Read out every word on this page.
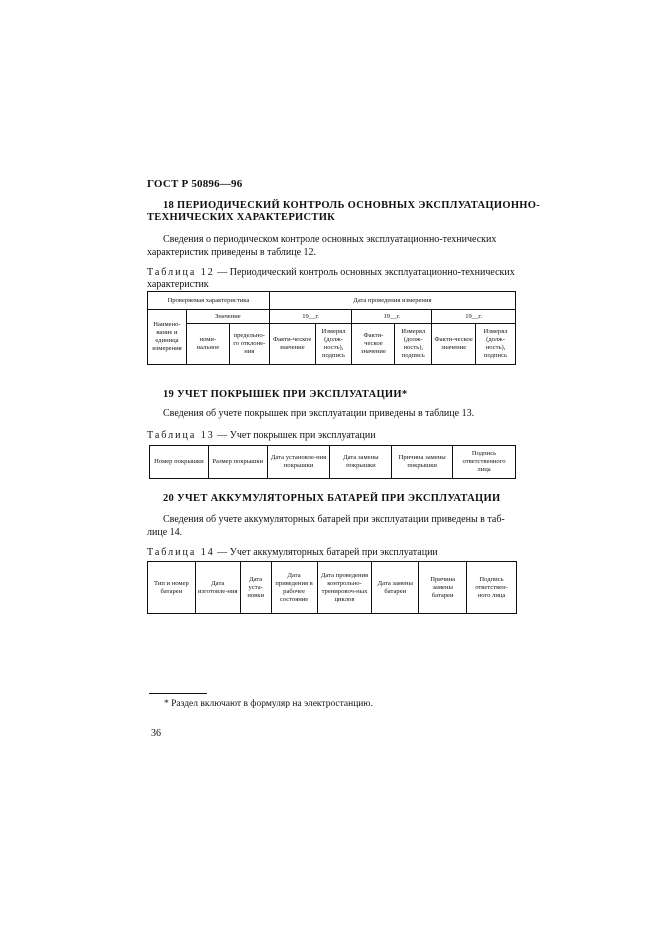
ГОСТ Р 50896—96
18 ПЕРИОДИЧЕСКИЙ КОНТРОЛЬ ОСНОВНЫХ ЭКСПЛУАТАЦИОННО-
ТЕХНИЧЕСКИХ ХАРАКТЕРИСТИК
Сведения о периодическом контроле основных эксплуатационно-технических
характеристик приведены в таблице 12.
Таблица 12 — Периодический контроль основных эксплуатационно-технических
характеристик
Проверяемая характеристика			Дата проведения измерения					
Наимено-вание и единица измерения	Значение		19__г.		19__г.		19__г.	
	номи-нальное	предельно-го отклоне-ния	Факти-ческое значение	Измерял (долж-ность), подпись	Факти-ческое значение	Измерял (долж-ность), подпись	Факти-ческое значение	Измерял (долж-ность), подпись
19 УЧЕТ ПОКРЫШЕК ПРИ ЭКСПЛУАТАЦИИ*
Сведения об учете покрышек при эксплуатации приведены в таблице 13.
Таблица 13 — Учет покрышек при эксплуатации
Номер покрышки	Размер покрышки	Дата установле-ния покрышки	Дата замены покрышки	Причина замены покрышки	Подпись ответственного лица
20 УЧЕТ АККУМУЛЯТОРНЫХ БАТАРЕЙ ПРИ ЭКСПЛУАТАЦИИ
Сведения об учете аккумуляторных батарей при эксплуатации приведены в таб-
лице 14.
Таблица 14 — Учет аккумуляторных батарей при эксплуатации
Тип и номер батареи	Дата изготовле-ния	Дата уста-новки	Дата приведения в рабочее состояние	Дата проведения контрольно-тренировоч-ных циклов	Дата замены батареи	Причина замены батареи	Подпись ответствен-ного лица
* Раздел включают в формуляр на электростанцию.
36
